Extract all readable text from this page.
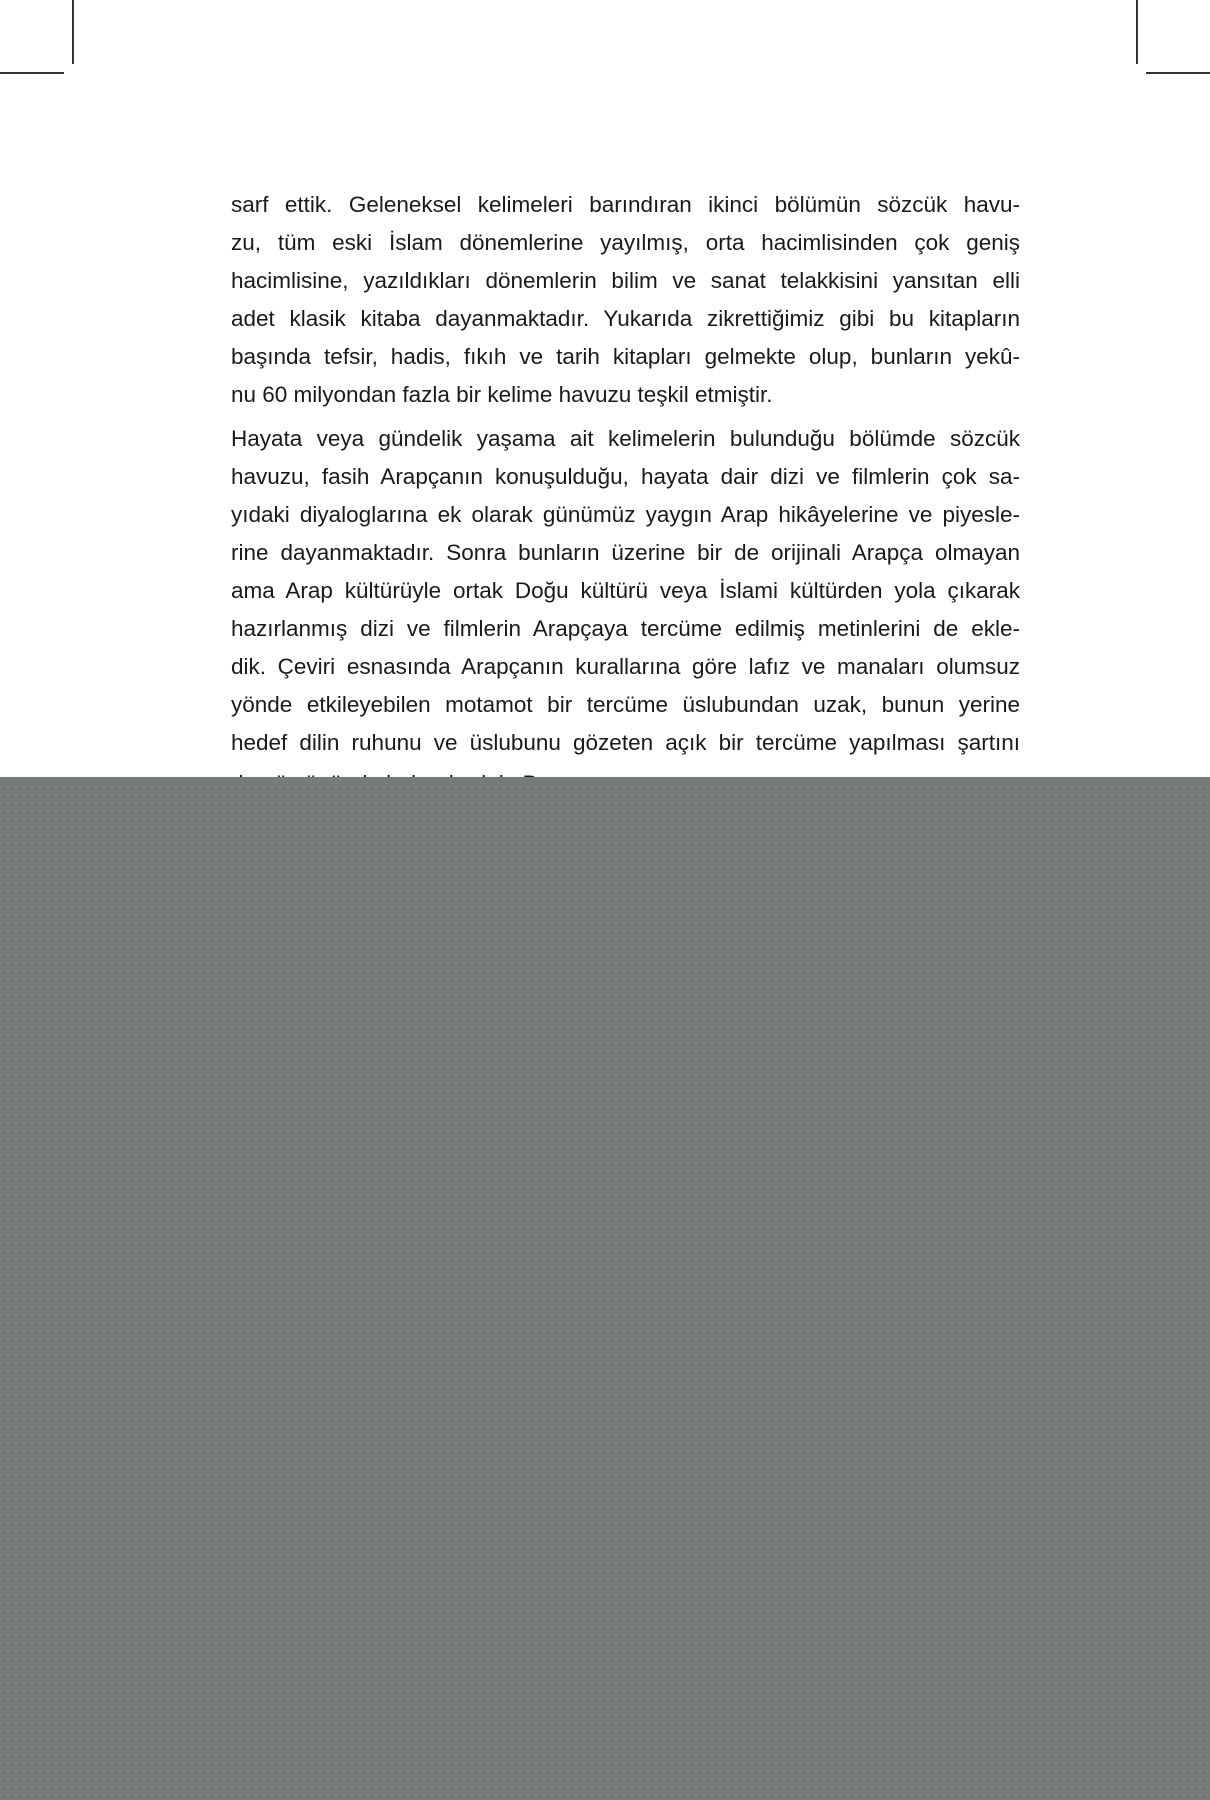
sarf ettik. Geleneksel kelimeleri barındıran ikinci bölümün sözcük havu-
zu, tüm eski İslam dönemlerine yayılmış, orta hacimlisinden çok geniş
hacimlisine, yazıldıkları dönemlerin bilim ve sanat telakkisini yansıtan elli
adet klasik kitaba dayanmaktadır. Yukarıda zikrettiğimiz gibi bu kitapların
başında tefsir, hadis, fıkıh ve tarih kitapları gelmekte olup, bunların yekû-
nu 60 milyondan fazla bir kelime havuzu teşkil etmiştir.

Hayata veya gündelik yaşama ait kelimelerin bulunduğu bölümde sözcük
havuzu, fasih Arapçanın konuşulduğu, hayata dair dizi ve filmlerin çok sa-
yıdaki diyaloglarına ek olarak günümüz yaygın Arap hikâyelerine ve piyesle-
rine dayanmaktadır. Sonra bunların üzerine bir de orijinali Arapça olmayan
ama Arap kültürüyle ortak Doğu kültürü veya İslami kültürden yola çıkarak
hazırlanmış dizi ve filmlerin Arapçaya tercüme edilmiş metinlerini de ekle-
dik. Çeviri esnasında Arapçanın kurallarına göre lafız ve manaları olumsuz
yönde etkileyebilen motamot bir tercüme üslubundan uzak, bunun yerine
hedef dilin ruhunu ve üslubunu gözeten açık bir tercüme yapılması şartını
